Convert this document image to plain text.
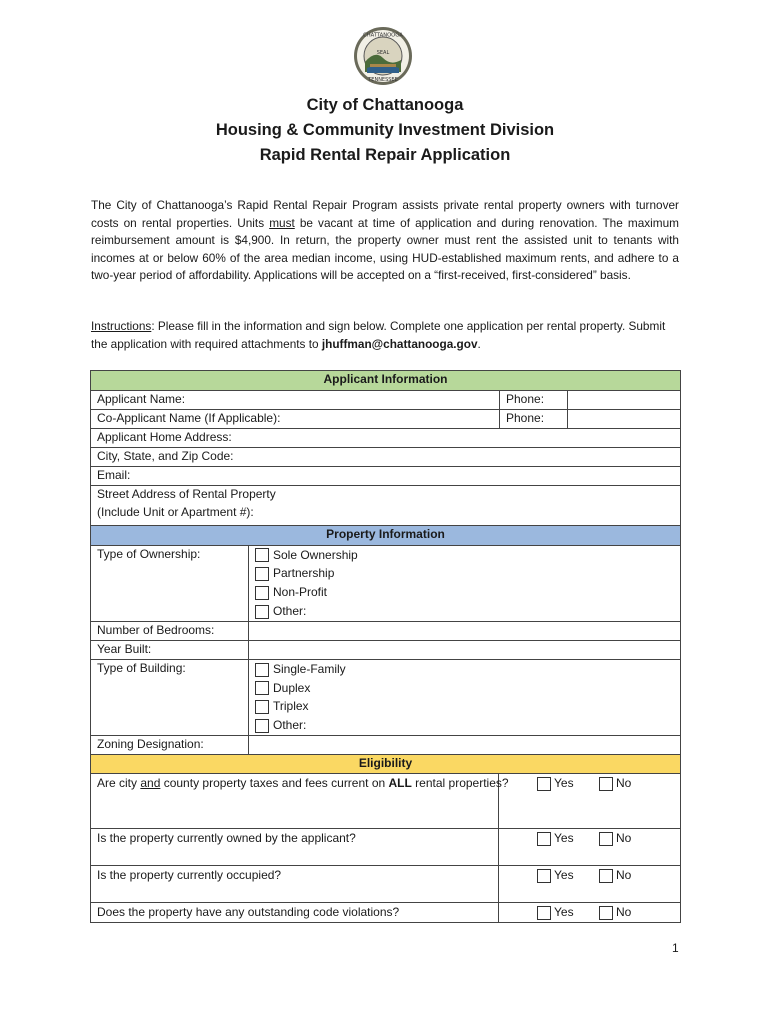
CHATTANOOGA
SEAL
TENNESSEE
City of Chattanooga
Housing & Community Investment Division
Rapid Rental Repair Application
The City of Chattanooga’s Rapid Rental Repair Program assists private rental property owners with turnover costs on rental properties. Units must be vacant at time of application and during renovation. The maximum reimbursement amount is $4,900. In return, the property owner must rent the assisted unit to tenants with incomes at or below 60% of the area median income, using HUD-established maximum rents, and adhere to a two-year period of affordability. Applications will be accepted on a “first-received, first-considered” basis.
Instructions: Please fill in the information and sign below. Complete one application per rental property. Submit the application with required attachments to jhuffman@chattanooga.gov.
Applicant Information			
Applicant Name:		Phone:	
Co-Applicant Name (If Applicable):		Phone:	
Applicant Home Address:			
City, State, and Zip Code:			
Email:			

Street Address of Rental Property
(Include Unit or Apartment #):			

Property Information			
Type of Ownership:	Sole Ownership
Partnership
Non-Profit
Other:		

Number of Bedrooms:			
Year Built:			
Type of Building:	Single-Family
Duplex
Triplex
Other:		

Zoning Designation:			
Eligibility			
Are city and county property taxes and fees current on ALL rental properties?		Yes No	

Is the property currently owned by the applicant?		Yes No	

Is the property currently occupied?		Yes No	

Does the property have any outstanding code violations?		Yes No	
1
